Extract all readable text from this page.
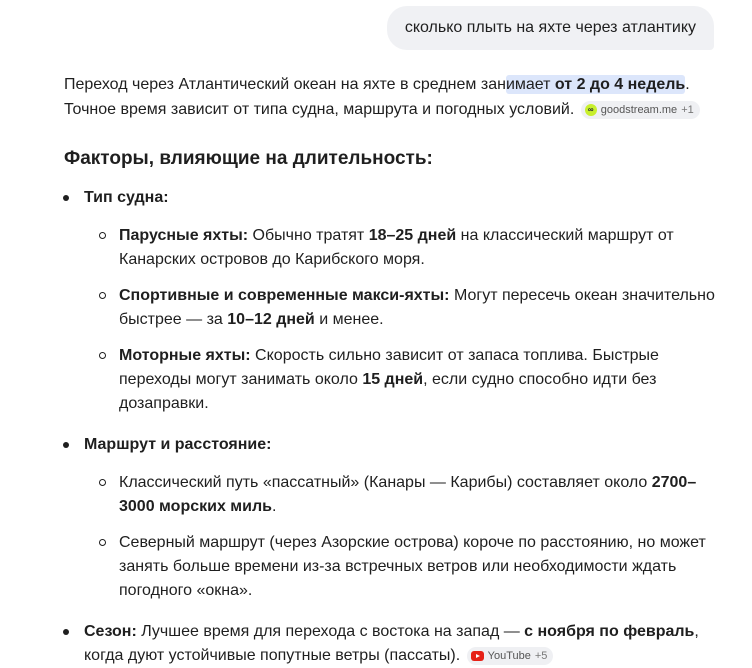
сколько плыть на яхте через атлантику

Переход через Атлантический океан на яхте в среднем занимает от 2 до 4 недель.
Точное время зависит от типа судна, маршрута и погодных условий.	∞ goodstream.me +1

Факторы, влияющие на длительность:
Тип судна:
Парусные яхты: Обычно тратят 18–25 дней на классический маршрут от Канарских островов до Карибского моря.
Спортивные и современные макси-яхты: Могут пересечь океан значительно быстрее — за 10–12 дней и менее.
Моторные яхты: Скорость сильно зависит от запаса топлива. Быстрые переходы могут занимать около 15 дней, если судно способно идти без дозаправки.
Маршрут и расстояние:
Классический путь «пассатный» (Канары — Карибы) составляет около 2700–3000 морских миль.
Северный маршрут (через Азорские острова) короче по расстоянию, но может занять больше времени из-за встречных ветров или необходимости ждать погодного «окна».
Сезон: Лучшее время для перехода с востока на запад — с ноября по февраль, когда дуют устойчивые попутные ветры (пассаты). YouTube +5
